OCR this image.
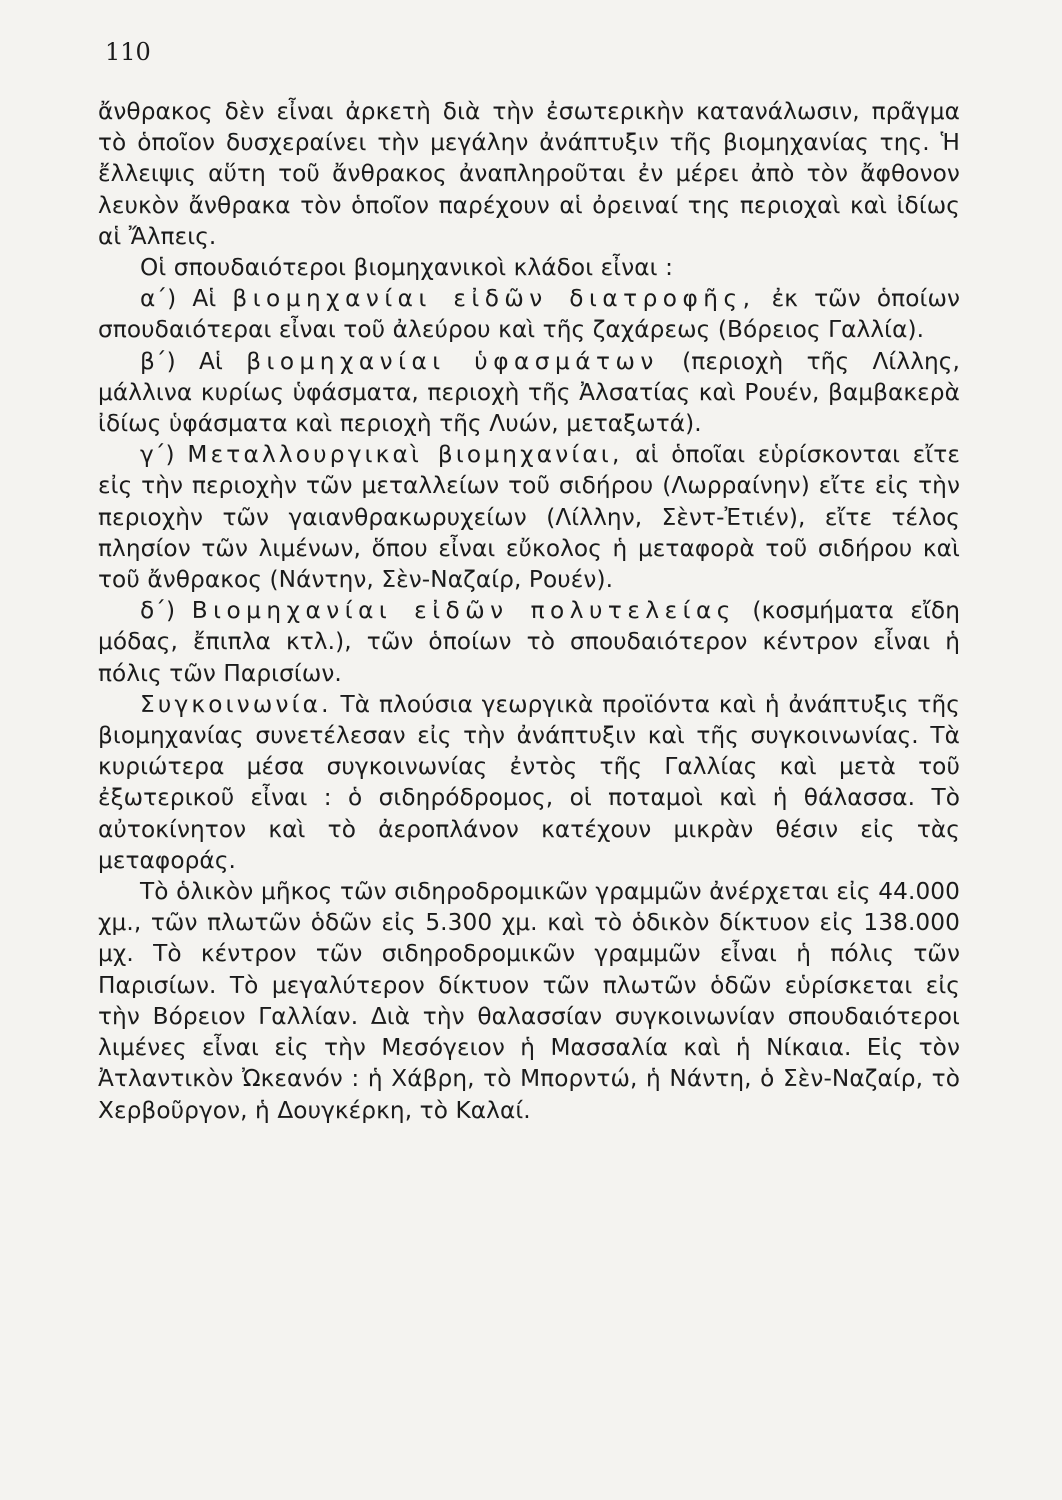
110

ἄνθρακος δὲν εἶναι ἀρκετὴ διὰ τὴν ἐσωτερικὴν κατανάλωσιν, πρᾶγμα τὸ ὁποῖον δυσχεραίνει τὴν μεγάλην ἀνάπτυξιν τῆς βιομηχανίας της. Ἡ ἔλλειψις αὕτη τοῦ ἄνθρακος ἀναπληροῦται ἐν μέρει ἀπὸ τὸν ἄφθονον λευκὸν ἄνθρακα τὸν ὁποῖον παρέχουν αἱ ὀρειναί της περιοχαὶ καὶ ἰδίως αἱ Ἄλπεις.

Οἱ σπουδαιότεροι βιομηχανικοὶ κλάδοι εἶναι :

α΄) Αἱ βιομηχανίαι εἰδῶν διατροφῆς, ἐκ τῶν ὁποίων σπουδαιότεραι εἶναι τοῦ ἀλεύρου καὶ τῆς ζαχάρεως (Βόρειος Γαλλία).

β΄) Αἱ βιομηχανίαι ὑφασμάτων (περιοχὴ τῆς Λίλλης, μάλλινα κυρίως ὑφάσματα, περιοχὴ τῆς Ἀλσατίας καὶ Ρουέν, βαμβακερὰ ἰδίως ὑφάσματα καὶ περιοχὴ τῆς Λυών, μεταξωτά).

γ΄) Μεταλλουργικαὶ βιομηχανίαι, αἱ ὁποῖαι εὑρίσκονται εἴτε εἰς τὴν περιοχὴν τῶν μεταλλείων τοῦ σιδήρου (Λωρραίνην) εἴτε εἰς τὴν περιοχὴν τῶν γαιανθρακωρυχείων (Λίλλην, Σὲντ-Ἐτιέν), εἴτε τέλος πλησίον τῶν λιμένων, ὅπου εἶναι εὔκολος ἡ μεταφορὰ τοῦ σιδήρου καὶ τοῦ ἄνθρακος (Νάντην, Σὲν-Ναζαίρ, Ρουέν).

δ΄) Βιομηχανίαι εἰδῶν πολυτελείας (κοσμήματα εἴδη μόδας, ἔπιπλα κτλ.), τῶν ὁποίων τὸ σπουδαιότερον κέντρον εἶναι ἡ πόλις τῶν Παρισίων.

Συγκοινωνία. Τὰ πλούσια γεωργικὰ προϊόντα καὶ ἡ ἀνάπτυξις τῆς βιομηχανίας συνετέλεσαν εἰς τὴν ἀνάπτυξιν καὶ τῆς συγκοινωνίας. Τὰ κυριώτερα μέσα συγκοινωνίας ἐντὸς τῆς Γαλλίας καὶ μετὰ τοῦ ἐξωτερικοῦ εἶναι : ὁ σιδηρόδρομος, οἱ ποταμοὶ καὶ ἡ θάλασσα. Τὸ αὐτοκίνητον καὶ τὸ ἀεροπλάνον κατέχουν μικρὰν θέσιν εἰς τὰς μεταφοράς.

Τὸ ὁλικὸν μῆκος τῶν σιδηροδρομικῶν γραμμῶν ἀνέρχεται εἰς 44.000 χμ., τῶν πλωτῶν ὁδῶν εἰς 5.300 χμ. καὶ τὸ ὁδικὸν δίκτυον εἰς 138.000 μχ. Τὸ κέντρον τῶν σιδηροδρομικῶν γραμμῶν εἶναι ἡ πόλις τῶν Παρισίων. Τὸ μεγαλύτερον δίκτυον τῶν πλωτῶν ὁδῶν εὑρίσκεται εἰς τὴν Βόρειον Γαλλίαν. Διὰ τὴν θαλασσίαν συγκοινωνίαν σπουδαιότεροι λιμένες εἶναι εἰς τὴν Μεσόγειον ἡ Μασσαλία καὶ ἡ Νίκαια. Εἰς τὸν Ἀτλαντικὸν Ὠκεανόν : ἡ Χάβρη, τὸ Μπορντώ, ἡ Νάντη, ὁ Σὲν-Ναζαίρ, τὸ Χερβοῦργον, ἡ Δουγκέρκη, τὸ Καλαί.
